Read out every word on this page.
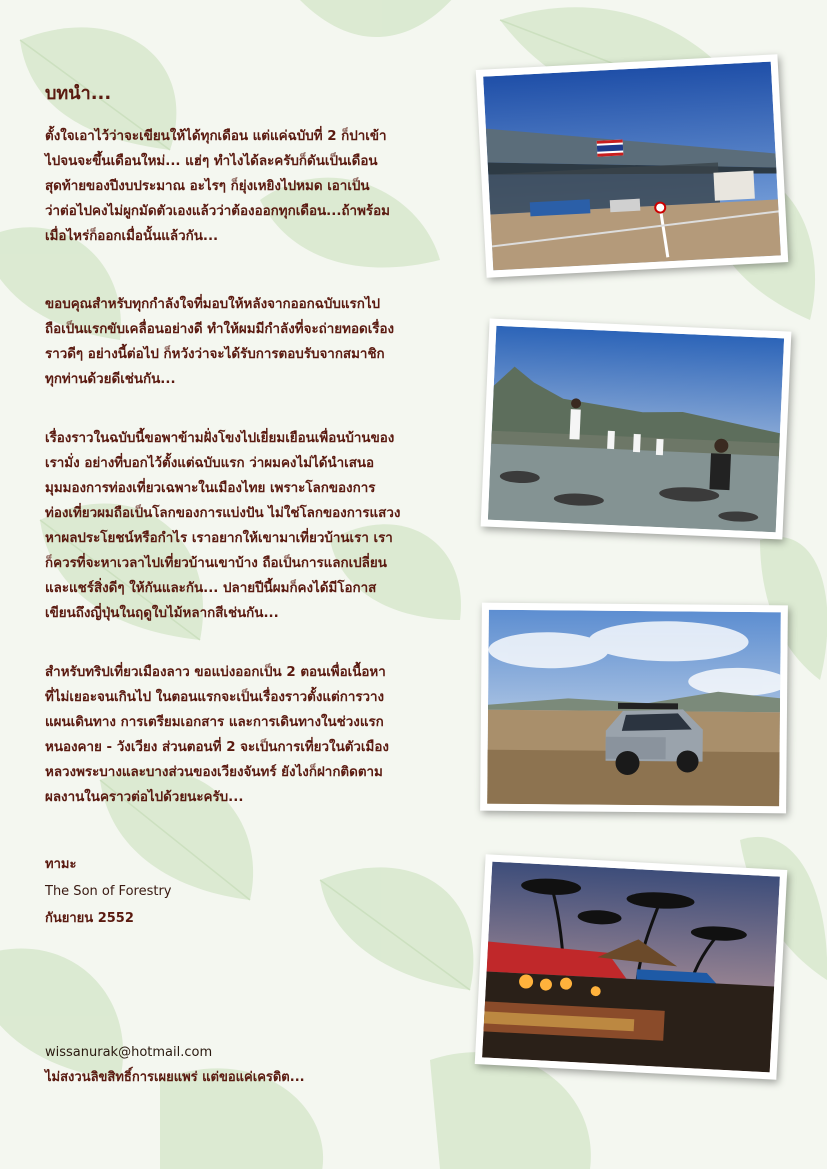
บทนำ...
ตั้งใจเอาไว้ว่าจะเขียนให้ได้ทุกเดือน แต่แค่ฉบับที่ 2 ก็ปาเข้า
ไปจนจะขึ้นเดือนใหม่... แฮ่ๆ ทำไงได้ละครับก็ดันเป็นเดือน
สุดท้ายของปีงบประมาณ อะไรๆ ก็ยุ่งเหยิงไปหมด เอาเป็น
ว่าต่อไปคงไม่ผูกมัดตัวเองแล้วว่าต้องออกทุกเดือน...ถ้าพร้อม
เมื่อไหร่ก็ออกเมื่อนั้นแล้วกัน...
ขอบคุณสำหรับทุกกำลังใจที่มอบให้หลังจากออกฉบับแรกไป
ถือเป็นแรกขับเคลื่อนอย่างดี ทำให้ผมมีกำลังที่จะถ่ายทอดเรื่อง
ราวดีๆ อย่างนี้ต่อไป ก็หวังว่าจะได้รับการตอบรับจากสมาชิก
ทุกท่านด้วยดีเช่นกัน...
เรื่องราวในฉบับนี้ขอพาข้ามฝั่งโขงไปเยี่ยมเยือนเพื่อนบ้านของ
เรามั่ง อย่างที่บอกไว้ตั้งแต่ฉบับแรก ว่าผมคงไม่ได้นำเสนอ
มุมมองการท่องเที่ยวเฉพาะในเมืองไทย เพราะโลกของการ
ท่องเที่ยวผมถือเป็นโลกของการแบ่งปัน ไม่ใช่โลกของการแสวง
หาผลประโยชน์หรือกำไร เราอยากให้เขามาเที่ยวบ้านเรา เรา
ก็ควรที่จะหาเวลาไปเที่ยวบ้านเขาบ้าง ถือเป็นการแลกเปลี่ยน
และแชร์สิ่งดีๆ ให้กันและกัน... ปลายปีนี้ผมก็คงได้มีโอกาส
เขียนถึงญี่ปุ่นในฤดูใบไม้หลากสีเช่นกัน...
สำหรับทริปเที่ยวเมืองลาว ขอแบ่งออกเป็น 2 ตอนเพื่อเนื้อหา
ที่ไม่เยอะจนเกินไป ในตอนแรกจะเป็นเรื่องราวตั้งแต่การวาง
แผนเดินทาง การเตรียมเอกสาร และการเดินทางในช่วงแรก
หนองคาย - วังเวียง ส่วนตอนที่ 2 จะเป็นการเที่ยวในตัวเมือง
หลวงพระบางและบางส่วนของเวียงจันทร์ ยังไงก็ฝากติดตาม
ผลงานในคราวต่อไปด้วยนะครับ...
ทามะ
The Son of Forestry
กันยายน 2552
wissanurak@hotmail.com
ไม่สงวนลิขสิทธิ์การเผยแพร่ แต่ขอแค่เครดิต...
